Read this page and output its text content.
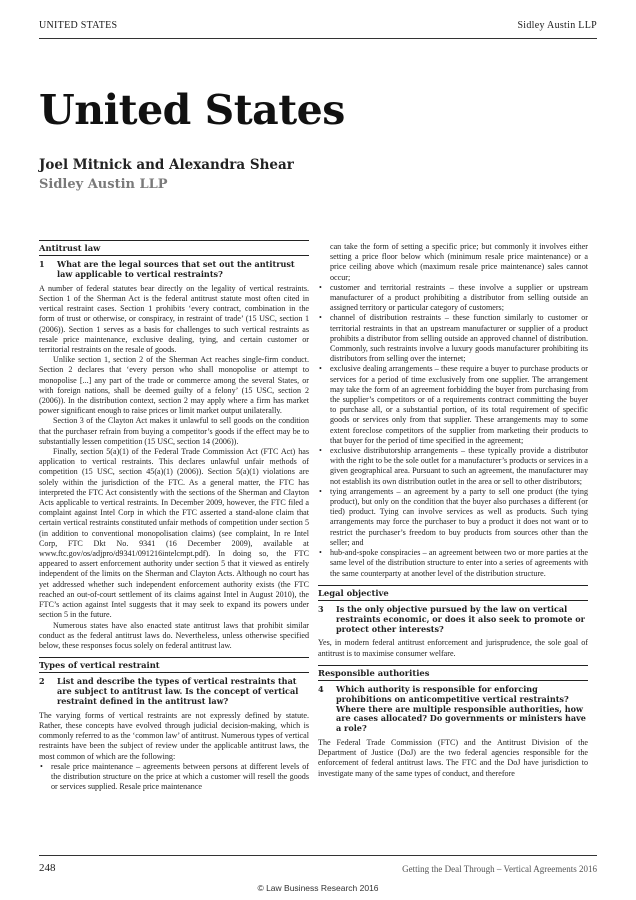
UNITED STATES	Sidley Austin LLP
United States
Joel Mitnick and Alexandra Shear
Sidley Austin LLP
Antitrust law
1	What are the legal sources that set out the antitrust law applicable to vertical restraints?

A number of federal statutes bear directly on the legality of vertical restraints. Section 1 of the Sherman Act is the federal antitrust statute most often cited in vertical restraint cases. Section 1 prohibits ‘every contract, combination in the form of trust or otherwise, or conspiracy, in restraint of trade’ (15 USC, section 1 (2006)). Section 1 serves as a basis for challenges to such vertical restraints as resale price maintenance, exclusive dealing, tying, and certain customer or territorial restraints on the resale of goods.

Unlike section 1, section 2 of the Sherman Act reaches single-firm conduct. Section 2 declares that ‘every person who shall monopolise or attempt to monopolise [...] any part of the trade or commerce among the several States, or with foreign nations, shall be deemed guilty of a felony’ (15 USC, section 2 (2006)). In the distribution context, section 2 may apply where a firm has market power significant enough to raise prices or limit market output unilaterally.

Section 3 of the Clayton Act makes it unlawful to sell goods on the condition that the purchaser refrain from buying a competitor’s goods if the effect may be to substantially lessen competition (15 USC, section 14 (2006)).

Finally, section 5(a)(1) of the Federal Trade Commission Act (FTC Act) has application to vertical restraints. This declares unlawful unfair methods of competition (15 USC, section 45(a)(1) (2006)). Section 5(a)(1) violations are solely within the jurisdiction of the FTC. As a general matter, the FTC has interpreted the FTC Act consistently with the sections of the Sherman and Clayton Acts applicable to vertical restraints. In December 2009, however, the FTC filed a complaint against Intel Corp in which the FTC asserted a stand-alone claim that certain vertical restraints constituted unfair methods of competition under section 5 (in addition to conventional monopolisation claims) (see complaint, In re Intel Corp, FTC Dkt No. 9341 (16 December 2009), available at www.ftc.gov/os/adjpro/d9341/091216intelcmpt.pdf). In doing so, the FTC appeared to assert enforcement authority under section 5 that it viewed as entirely independent of the limits on the Sherman and Clayton Acts. Although no court has yet addressed whether such independent enforcement authority exists (the FTC reached an out-of-court settlement of its claims against Intel in August 2010), the FTC’s action against Intel suggests that it may seek to expand its powers under section 5 in the future.

Numerous states have also enacted state antitrust laws that prohibit similar conduct as the federal antitrust laws do. Nevertheless, unless otherwise specified below, these responses focus solely on federal antitrust law.

Types of vertical restraint
2	List and describe the types of vertical restraints that are subject to antitrust law. Is the concept of vertical restraint defined in the antitrust law?

The varying forms of vertical restraints are not expressly defined by statute. Rather, these concepts have evolved through judicial decision-making, which is commonly referred to as the ‘common law’ of antitrust. Numerous types of vertical restraints have been the subject of review under the applicable antitrust laws, the most common of which are the following:

• resale price maintenance – agreements between persons at different levels of the distribution structure on the price at which a customer will resell the goods or services supplied. Resale price maintenance

can take the form of setting a specific price; but commonly it involves either setting a price floor below which (minimum resale price maintenance) or a price ceiling above which (maximum resale price maintenance) sales cannot occur;

• customer and territorial restraints – these involve a supplier or upstream manufacturer of a product prohibiting a distributor from selling outside an assigned territory or particular category of customers;
• channel of distribution restraints – these function similarly to customer or territorial restraints in that an upstream manufacturer or supplier of a product prohibits a distributor from selling outside an approved channel of distribution. Commonly, such restraints involve a luxury goods manufacturer prohibiting its distributors from selling over the internet;
• exclusive dealing arrangements – these require a buyer to purchase products or services for a period of time exclusively from one supplier. The arrangement may take the form of an agreement forbidding the buyer from purchasing from the supplier’s competitors or of a requirements contract committing the buyer to purchase all, or a substantial portion, of its total requirement of specific goods or services only from that supplier. These arrangements may to some extent foreclose competitors of the supplier from marketing their products to that buyer for the period of time specified in the agreement;
• exclusive distributorship arrangements – these typically provide a distributor with the right to be the sole outlet for a manufacturer’s products or services in a given geographical area. Pursuant to such an agreement, the manufacturer may not establish its own distribution outlet in the area or sell to other distributors;
• tying arrangements – an agreement by a party to sell one product (the tying product), but only on the condition that the buyer also purchases a different (or tied) product. Tying can involve services as well as products. Such tying arrangements may force the purchaser to buy a product it does not want or to restrict the purchaser’s freedom to buy products from sources other than the seller; and
• hub-and-spoke conspiracies – an agreement between two or more parties at the same level of the distribution structure to enter into a series of agreements with the same counterparty at another level of the distribution structure.
Legal objective
3	Is the only objective pursued by the law on vertical restraints economic, or does it also seek to promote or protect other interests?

Yes, in modern federal antitrust enforcement and jurisprudence, the sole goal of antitrust is to maximise consumer welfare.

Responsible authorities
4	Which authority is responsible for enforcing prohibitions on anticompetitive vertical restraints? Where there are multiple responsible authorities, how are cases allocated? Do governments or ministers have a role?

The Federal Trade Commission (FTC) and the Antitrust Division of the Department of Justice (DoJ) are the two federal agencies responsible for the enforcement of federal antitrust laws. The FTC and the DoJ have jurisdiction to investigate many of the same types of conduct, and therefore

248	Getting the Deal Through – Vertical Agreements 2016
© Law Business Research 2016
